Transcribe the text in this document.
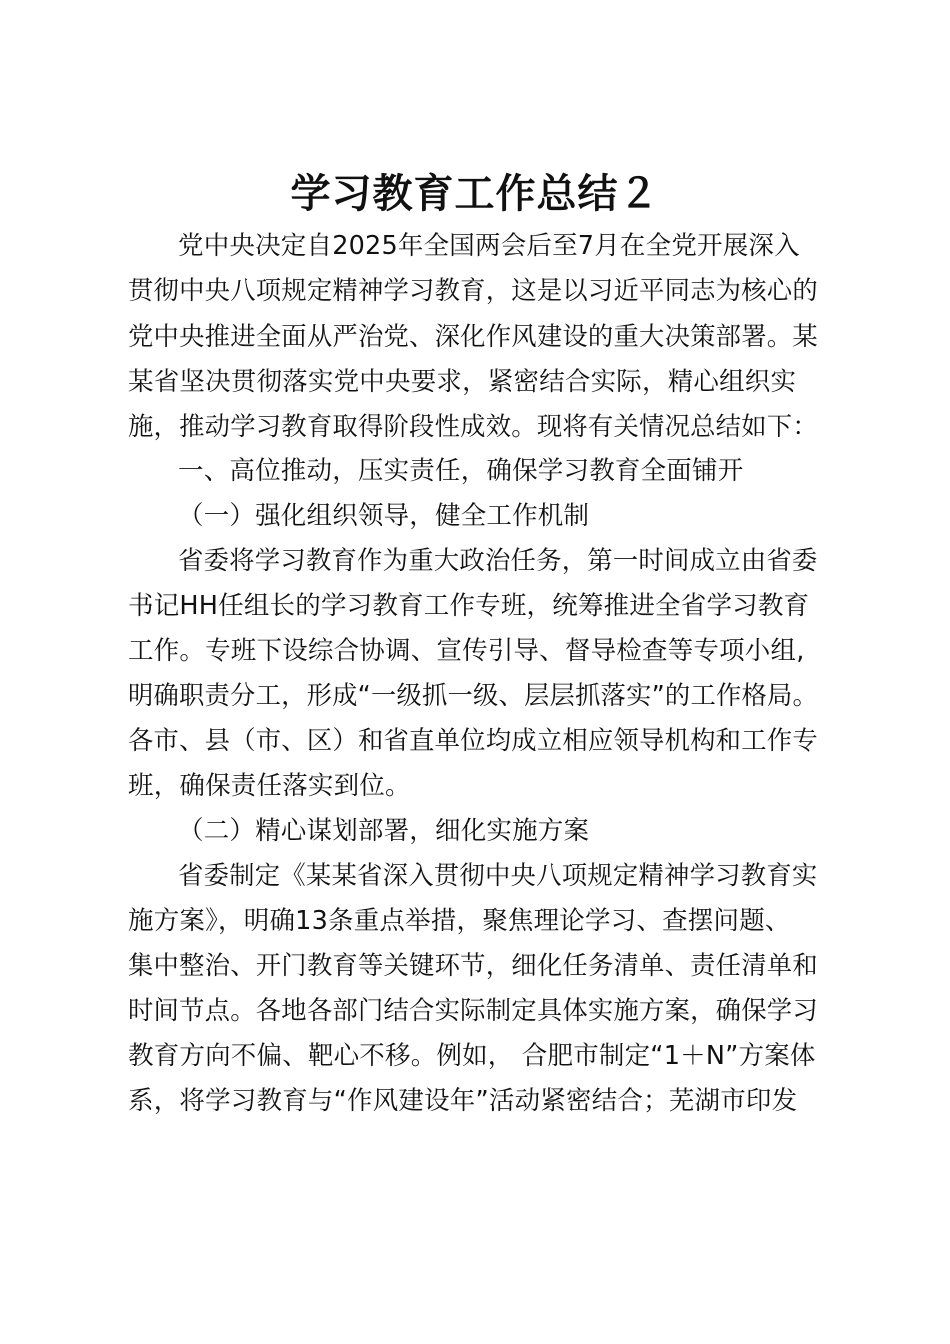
学习教育工作总结２
党中央决定自2025年全国两会后至7月在全党开展深入
贯彻中央八项规定精神学习教育，这是以习近平同志为核心的
党中央推进全面从严治党、深化作风建设的重大决策部署。某
某省坚决贯彻落实党中央要求，紧密结合实际，精心组织实
施，推动学习教育取得阶段性成效。现将有关情况总结如下：
一、高位推动，压实责任，确保学习教育全面铺开
（一）强化组织领导，健全工作机制
省委将学习教育作为重大政治任务，第一时间成立由省委
书记HH任组长的学习教育工作专班，统筹推进全省学习教育
工作。专班下设综合协调、宣传引导、督导检查等专项小组,
明确职责分工，形成“一级抓一级、层层抓落实”的工作格局。
各市、县（市、区）和省直单位均成立相应领导机构和工作专
班，确保责任落实到位。
（二）精心谋划部署，细化实施方案
省委制定《某某省深入贯彻中央八项规定精神学习教育实
施方案》，明确13条重点举措，聚焦理论学习、查摆问题、
集中整治、开门教育等关键环节，细化任务清单、责任清单和
时间节点。各地各部门结合实际制定具体实施方案，确保学习
教育方向不偏、靶心不移。例如， 合肥市制定“1＋N”方案体
系，将学习教育与“作风建设年”活动紧密结合；芜湖市印发
